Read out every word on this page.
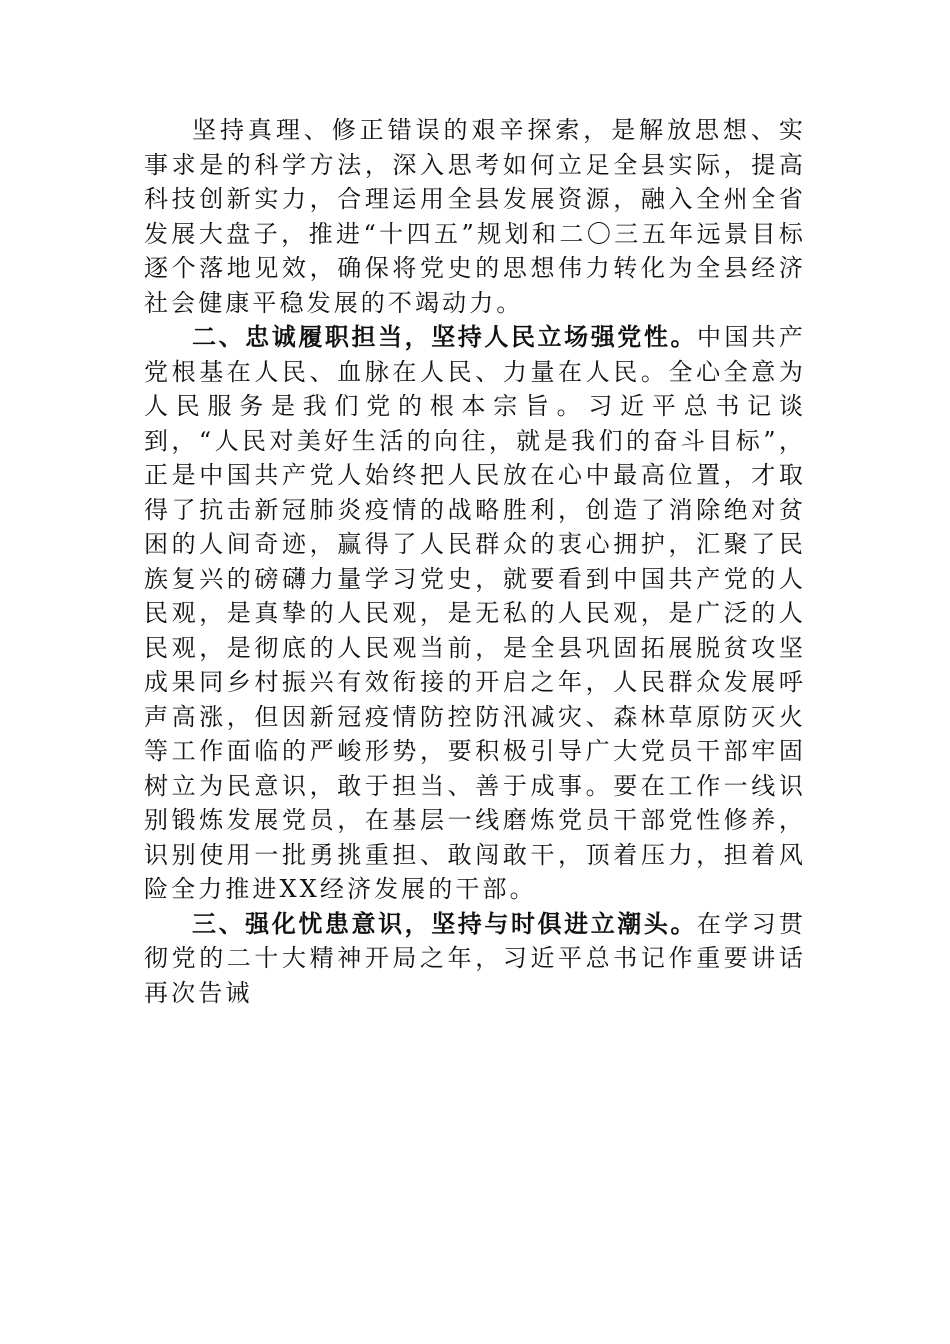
坚持真理、修正错误的艰辛探索，是解放思想、实事求是的科学方法，深入思考如何立足全县实际，提高科技创新实力，合理运用全县发展资源，融入全州全省发展大盘子，推进“十四五”规划和二〇三五年远景目标逐个落地见效，确保将党史的思想伟力转化为全县经济社会健康平稳发展的不竭动力。

二、忠诚履职担当，坚持人民立场强党性。中国共产党根基在人民、血脉在人民、力量在人民。全心全意为人民服务是我们党的根本宗旨。习近平总书记谈到，“人民对美好生活的向往，就是我们的奋斗目标”，正是中国共产党人始终把人民放在心中最高位置，才取得了抗击新冠肺炎疫情的战略胜利，创造了消除绝对贫困的人间奇迹，赢得了人民群众的衷心拥护，汇聚了民族复兴的磅礴力量学习党史，就要看到中国共产党的人民观，是真挚的人民观，是无私的人民观，是广泛的人民观，是彻底的人民观当前，是全县巩固拓展脱贫攻坚成果同乡村振兴有效衔接的开启之年，人民群众发展呼声高涨，但因新冠疫情防控防汛减灾、森林草原防灭火等工作面临的严峻形势，要积极引导广大党员干部牢固树立为民意识，敢于担当、善于成事。要在工作一线识别锻炼发展党员，在基层一线磨炼党员干部党性修养，识别使用一批勇挑重担、敢闯敢干，顶着压力，担着风险全力推进XX经济发展的干部。

三、强化忧患意识，坚持与时俱进立潮头。在学习贯彻党的二十大精神开局之年，习近平总书记作重要讲话再次告诫
